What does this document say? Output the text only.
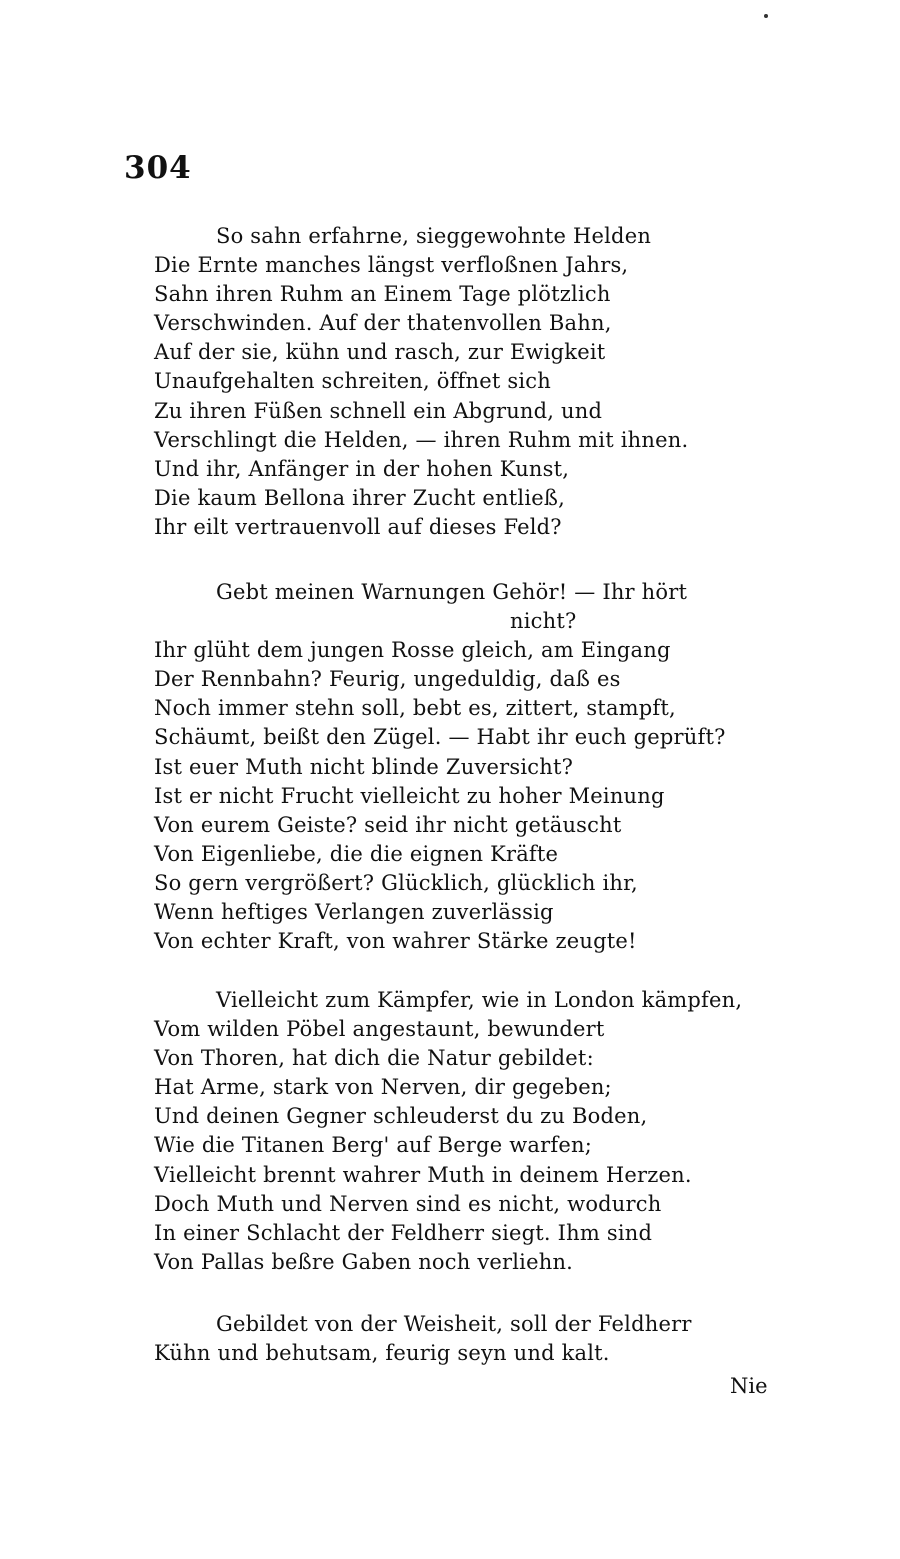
304
So sahn erfahrne, sieggewohnte Helden
Die Ernte manches längst verfloßnen Jahrs,
Sahn ihren Ruhm an Einem Tage plötzlich
Verschwinden. Auf der thatenvollen Bahn,
Auf der sie, kühn und rasch, zur Ewigkeit
Unaufgehalten schreiten, öffnet sich
Zu ihren Füßen schnell ein Abgrund, und
Verschlingt die Helden, — ihren Ruhm mit ihnen.
Und ihr, Anfänger in der hohen Kunst,
Die kaum Bellona ihrer Zucht entließ,
Ihr eilt vertrauenvoll auf dieses Feld?
Gebt meinen Warnungen Gehör! — Ihr hört
nicht?
Ihr glüht dem jungen Rosse gleich, am Eingang
Der Rennbahn? Feurig, ungeduldig, daß es
Noch immer stehn soll, bebt es, zittert, stampft,
Schäumt, beißt den Zügel. — Habt ihr euch geprüft?
Ist euer Muth nicht blinde Zuversicht?
Ist er nicht Frucht vielleicht zu hoher Meinung
Von eurem Geiste? seid ihr nicht getäuscht
Von Eigenliebe, die die eignen Kräfte
So gern vergrößert? Glücklich, glücklich ihr,
Wenn heftiges Verlangen zuverlässig
Von echter Kraft, von wahrer Stärke zeugte!
Vielleicht zum Kämpfer, wie in London kämpfen,
Vom wilden Pöbel angestaunt, bewundert
Von Thoren, hat dich die Natur gebildet:
Hat Arme, stark von Nerven, dir gegeben;
Und deinen Gegner schleuderst du zu Boden,
Wie die Titanen Berg' auf Berge warfen;
Vielleicht brennt wahrer Muth in deinem Herzen.
Doch Muth und Nerven sind es nicht, wodurch
In einer Schlacht der Feldherr siegt. Ihm sind
Von Pallas beßre Gaben noch verliehn.
Gebildet von der Weisheit, soll der Feldherr
Kühn und behutsam, feurig seyn und kalt.
Nie
